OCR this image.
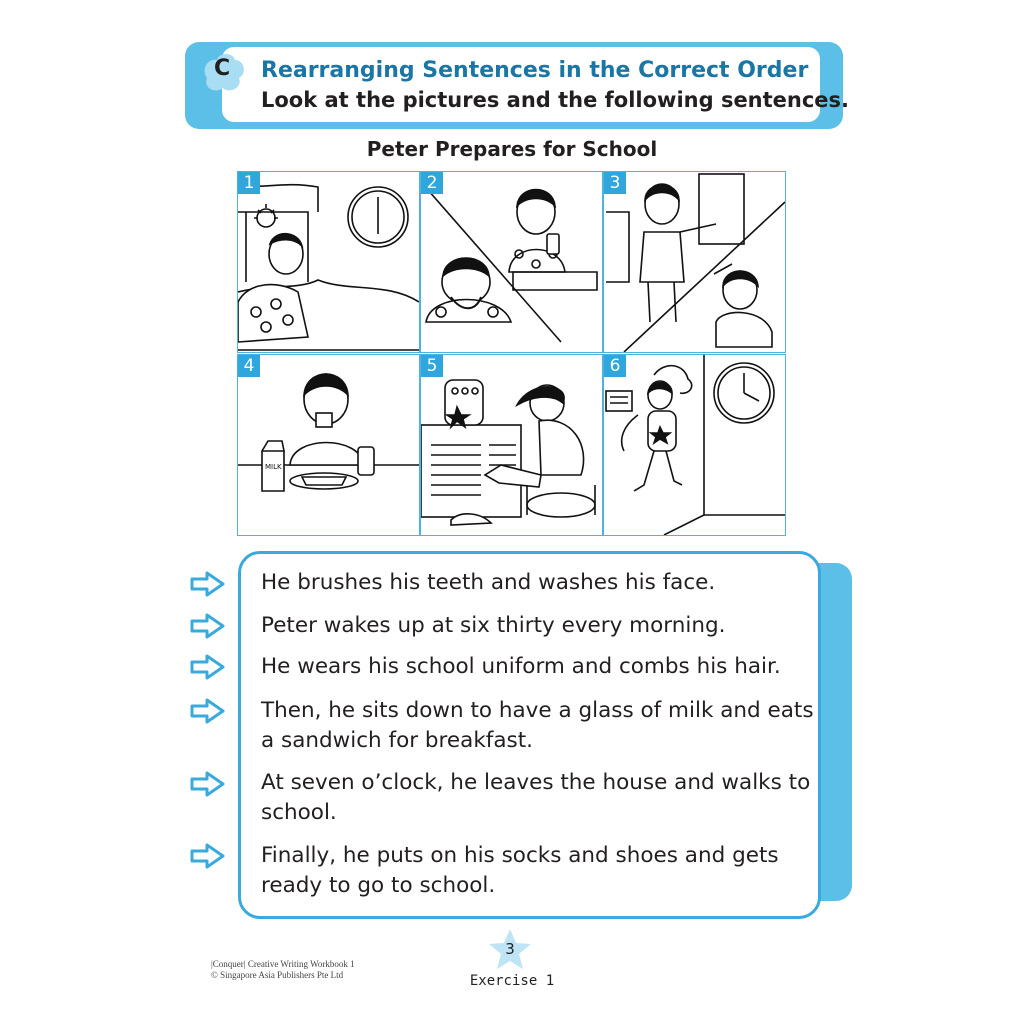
C Rearranging Sentences in the Correct Order
Look at the pictures and the following sentences.
Peter Prepares for School
1	2	3
4
MILK
5	6
He brushes his teeth and washes his face.
Peter wakes up at six thirty every morning.
He wears his school uniform and combs his hair.
Then, he sits down to have a glass of milk and eats a sandwich for breakfast.
At seven o’clock, he leaves the house and walks to school.
Finally, he puts on his socks and shoes and gets ready to go to school.
3
Exercise 1
|Conquer| Creative Writing Workbook 1
© Singapore Asia Publishers Pte Ltd
